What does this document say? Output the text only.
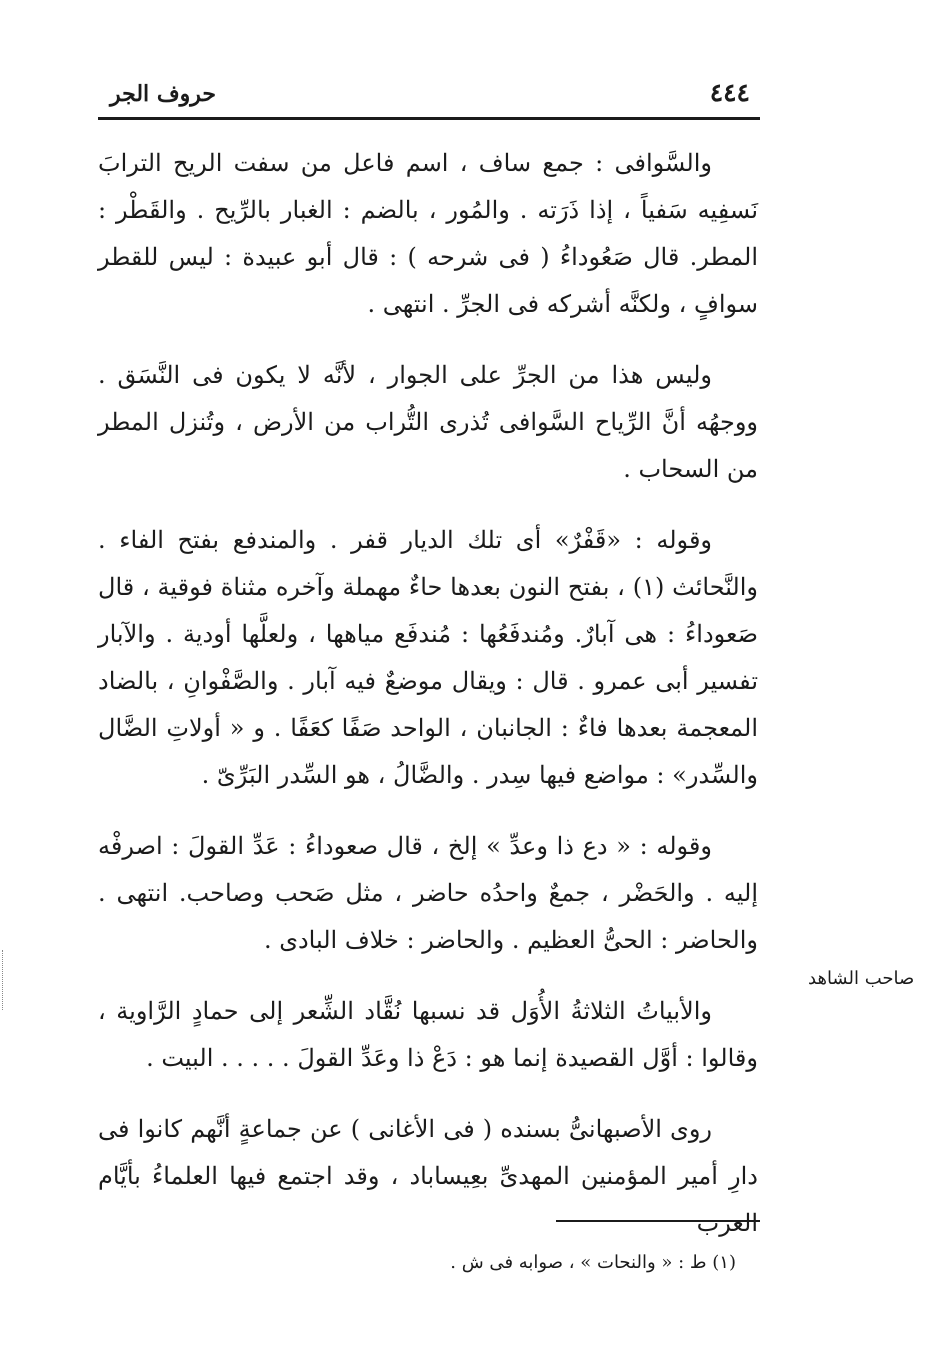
٤٤٤
حروف الجر

والسَّوافى : جمع ساف ، اسم فاعل من سفت الريح الترابَ نَسفِيه سَفياً ، إذا ذَرَته . والمُور ، بالضم : الغبار بالرِّيح . والقَطْر : المطر. قال صَعُوداءُ ( فى شرحه ) : قال أبو عبيدة : ليس للقطر سوافٍ ، ولكنَّه أشركه فى الجرِّ . انتهى .

وليس هذا من الجرِّ على الجوار ، لأنَّه لا يكون فى النَّسَق . ووجهُه أنَّ الرِّياح السَّوافى تُذرى التُّراب من الأرض ، وتُنزل المطر من السحاب .

وقوله : «قَفْرٌ» أى تلك الديار قفر . والمندفع بفتح الفاء . والنَّحائث (١) ، بفتح النون بعدها حاءٌ مهملة وآخره مثناة فوقية ، قال صَعوداءُ : هى آبارٌ. ومُندفَعُها : مُندفَع مياهها ، ولعلَّها أودية . والآبار تفسير أبى عمرو . قال : ويقال موضعٌ فيه آبار . والصَّفْوانِ ، بالضاد المعجمة بعدها فاءٌ : الجانبان ، الواحد صَفًا كعَفًا . و « أولاتِ الضَّال والسِّدر» : مواضع فيها سِدر . والضَّالُ ، هو السِّدر البَرِّىّ .

وقوله : « دع ذا وعدِّ » إلخ ، قال صعوداءُ : عَدِّ القولَ : اصرفْه إليه . والحَضْر ، جمعٌ واحدُه حاضر ، مثل صَحب وصاحب. انتهى . والحاضر : الحىُّ العظيم . والحاضر : خلاف البادى .

والأبياتُ الثلاثةُ الأُوَل قد نسبها نُقَّاد الشِّعر إلى حمادٍ الرَّاوية ، وقالوا : أوَّل القصيدة إنما هو : دَعْ ذا وعَدِّ القولَ . . . . . البيت .

روى الأصبهانىُّ بسنده ( فى الأغانى ) عن جماعةٍ أنَّهم كانوا فى دارِ أمير المؤمنين المهدىِّ بعِيساباد ، وقد اجتمع فيها العلماءُ بأيَّام العرب

صاحب الشاهد
(١) ط : « والنحات » ، صوابه فى ش .
